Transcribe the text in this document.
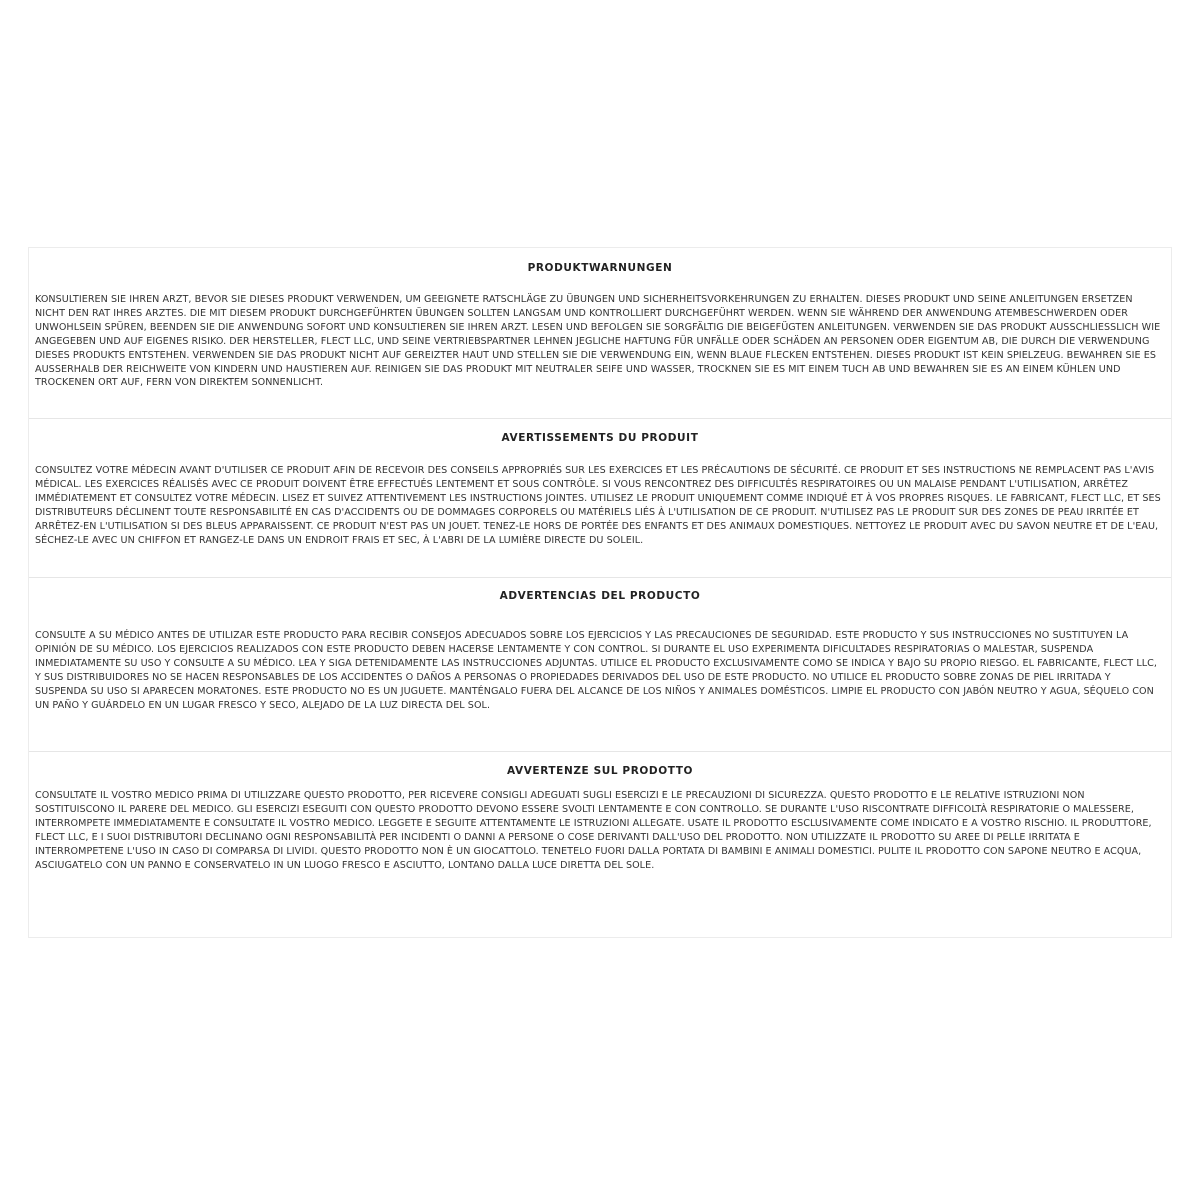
PRODUKTWARNUNGEN

KONSULTIEREN SIE IHREN ARZT, BEVOR SIE DIESES PRODUKT VERWENDEN, UM GEEIGNETE RATSCHLÄGE ZU ÜBUNGEN UND SICHERHEITSVORKEHRUNGEN ZU ERHALTEN. DIESES PRODUKT UND SEINE ANLEITUNGEN ERSETZEN NICHT DEN RAT IHRES ARZTES. DIE MIT DIESEM PRODUKT DURCHGEFÜHRTEN ÜBUNGEN SOLLTEN LANGSAM UND KONTROLLIERT DURCHGEFÜHRT WERDEN. WENN SIE WÄHREND DER ANWENDUNG ATEMBESCHWERDEN ODER UNWOHLSEIN SPÜREN, BEENDEN SIE DIE ANWENDUNG SOFORT UND KONSULTIEREN SIE IHREN ARZT. LESEN UND BEFOLGEN SIE SORGFÄLTIG DIE BEIGEFÜGTEN ANLEITUNGEN. VERWENDEN SIE DAS PRODUKT AUSSCHLIESSLICH WIE ANGEGEBEN UND AUF EIGENES RISIKO. DER HERSTELLER, FLECT LLC, UND SEINE VERTRIEBSPARTNER LEHNEN JEGLICHE HAFTUNG FÜR UNFÄLLE ODER SCHÄDEN AN PERSONEN ODER EIGENTUM AB, DIE DURCH DIE VERWENDUNG DIESES PRODUKTS ENTSTEHEN. VERWENDEN SIE DAS PRODUKT NICHT AUF GEREIZTER HAUT UND STELLEN SIE DIE VERWENDUNG EIN, WENN BLAUE FLECKEN ENTSTEHEN. DIESES PRODUKT IST KEIN SPIELZEUG. BEWAHREN SIE ES AUSSERHALB DER REICHWEITE VON KINDERN UND HAUSTIEREN AUF. REINIGEN SIE DAS PRODUKT MIT NEUTRALER SEIFE UND WASSER, TROCKNEN SIE ES MIT EINEM TUCH AB UND BEWAHREN SIE ES AN EINEM KÜHLEN UND TROCKENEN ORT AUF, FERN VON DIREKTEM SONNENLICHT.

AVERTISSEMENTS DU PRODUIT

CONSULTEZ VOTRE MÉDECIN AVANT D'UTILISER CE PRODUIT AFIN DE RECEVOIR DES CONSEILS APPROPRIÉS SUR LES EXERCICES ET LES PRÉCAUTIONS DE SÉCURITÉ. CE PRODUIT ET SES INSTRUCTIONS NE REMPLACENT PAS L'AVIS MÉDICAL. LES EXERCICES RÉALISÉS AVEC CE PRODUIT DOIVENT ÊTRE EFFECTUÉS LENTEMENT ET SOUS CONTRÔLE. SI VOUS RENCONTREZ DES DIFFICULTÉS RESPIRATOIRES OU UN MALAISE PENDANT L'UTILISATION, ARRÊTEZ IMMÉDIATEMENT ET CONSULTEZ VOTRE MÉDECIN. LISEZ ET SUIVEZ ATTENTIVEMENT LES INSTRUCTIONS JOINTES. UTILISEZ LE PRODUIT UNIQUEMENT COMME INDIQUÉ ET À VOS PROPRES RISQUES. LE FABRICANT, FLECT LLC, ET SES DISTRIBUTEURS DÉCLINENT TOUTE RESPONSABILITÉ EN CAS D'ACCIDENTS OU DE DOMMAGES CORPORELS OU MATÉRIELS LIÉS À L'UTILISATION DE CE PRODUIT. N'UTILISEZ PAS LE PRODUIT SUR DES ZONES DE PEAU IRRITÉE ET ARRÊTEZ-EN L'UTILISATION SI DES BLEUS APPARAISSENT. CE PRODUIT N'EST PAS UN JOUET. TENEZ-LE HORS DE PORTÉE DES ENFANTS ET DES ANIMAUX DOMESTIQUES. NETTOYEZ LE PRODUIT AVEC DU SAVON NEUTRE ET DE L'EAU, SÉCHEZ-LE AVEC UN CHIFFON ET RANGEZ-LE DANS UN ENDROIT FRAIS ET SEC, À L'ABRI DE LA LUMIÈRE DIRECTE DU SOLEIL.

ADVERTENCIAS DEL PRODUCTO

CONSULTE A SU MÉDICO ANTES DE UTILIZAR ESTE PRODUCTO PARA RECIBIR CONSEJOS ADECUADOS SOBRE LOS EJERCICIOS Y LAS PRECAUCIONES DE SEGURIDAD. ESTE PRODUCTO Y SUS INSTRUCCIONES NO SUSTITUYEN LA OPINIÓN DE SU MÉDICO. LOS EJERCICIOS REALIZADOS CON ESTE PRODUCTO DEBEN HACERSE LENTAMENTE Y CON CONTROL. SI DURANTE EL USO EXPERIMENTA DIFICULTADES RESPIRATORIAS O MALESTAR, SUSPENDA INMEDIATAMENTE SU USO Y CONSULTE A SU MÉDICO. LEA Y SIGA DETENIDAMENTE LAS INSTRUCCIONES ADJUNTAS. UTILICE EL PRODUCTO EXCLUSIVAMENTE COMO SE INDICA Y BAJO SU PROPIO RIESGO. EL FABRICANTE, FLECT LLC, Y SUS DISTRIBUIDORES NO SE HACEN RESPONSABLES DE LOS ACCIDENTES O DAÑOS A PERSONAS O PROPIEDADES DERIVADOS DEL USO DE ESTE PRODUCTO. NO UTILICE EL PRODUCTO SOBRE ZONAS DE PIEL IRRITADA Y SUSPENDA SU USO SI APARECEN MORATONES. ESTE PRODUCTO NO ES UN JUGUETE. MANTÉNGALO FUERA DEL ALCANCE DE LOS NIÑOS Y ANIMALES DOMÉSTICOS. LIMPIE EL PRODUCTO CON JABÓN NEUTRO Y AGUA, SÉQUELO CON UN PAÑO Y GUÁRDELO EN UN LUGAR FRESCO Y SECO, ALEJADO DE LA LUZ DIRECTA DEL SOL.

AVVERTENZE SUL PRODOTTO

CONSULTATE IL VOSTRO MEDICO PRIMA DI UTILIZZARE QUESTO PRODOTTO, PER RICEVERE CONSIGLI ADEGUATI SUGLI ESERCIZI E LE PRECAUZIONI DI SICUREZZA. QUESTO PRODOTTO E LE RELATIVE ISTRUZIONI NON SOSTITUISCONO IL PARERE DEL MEDICO. GLI ESERCIZI ESEGUITI CON QUESTO PRODOTTO DEVONO ESSERE SVOLTI LENTAMENTE E CON CONTROLLO. SE DURANTE L'USO RISCONTRATE DIFFICOLTÀ RESPIRATORIE O MALESSERE, INTERROMPETE IMMEDIATAMENTE E CONSULTATE IL VOSTRO MEDICO. LEGGETE E SEGUITE ATTENTAMENTE LE ISTRUZIONI ALLEGATE. USATE IL PRODOTTO ESCLUSIVAMENTE COME INDICATO E A VOSTRO RISCHIO. IL PRODUTTORE, FLECT LLC, E I SUOI DISTRIBUTORI DECLINANO OGNI RESPONSABILITÀ PER INCIDENTI O DANNI A PERSONE O COSE DERIVANTI DALL'USO DEL PRODOTTO. NON UTILIZZATE IL PRODOTTO SU AREE DI PELLE IRRITATA E INTERROMPETENE L'USO IN CASO DI COMPARSA DI LIVIDI. QUESTO PRODOTTO NON È UN GIOCATTOLO. TENETELO FUORI DALLA PORTATA DI BAMBINI E ANIMALI DOMESTICI. PULITE IL PRODOTTO CON SAPONE NEUTRO E ACQUA, ASCIUGATELO CON UN PANNO E CONSERVATELO IN UN LUOGO FRESCO E ASCIUTTO, LONTANO DALLA LUCE DIRETTA DEL SOLE.
